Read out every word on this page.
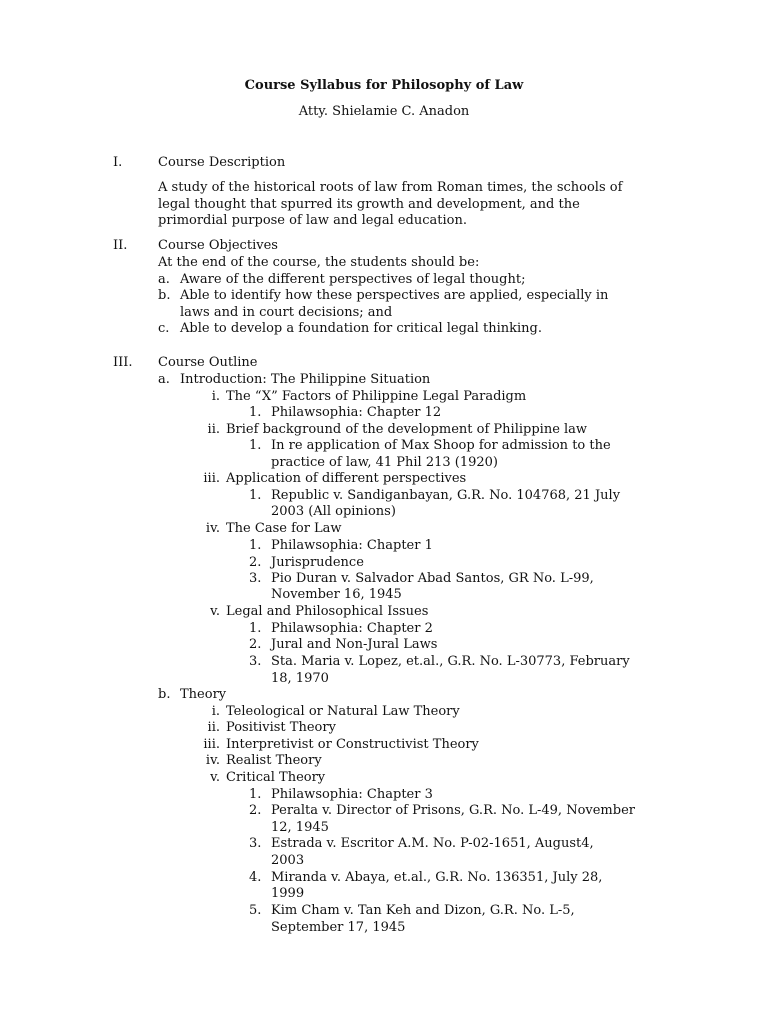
Course Syllabus for Philosophy of Law
Atty. Shielamie C. Anadon
I.	Course Description
A study of the historical roots of law from Roman times, the schools of
legal thought that spurred its growth and development, and the
primordial purpose of law and legal education.
II. Course Objectives
At the end of the course, the students should be:
a. Aware of the different perspectives of legal thought;
b. Able to identify how these perspectives are applied, especially in
laws and in court decisions; and
c. Able to develop a foundation for critical legal thinking.
III. Course Outline
a. Introduction: The Philippine Situation
i. The “X” Factors of Philippine Legal Paradigm
1. Philawsophia: Chapter 12
ii. Brief background of the development of Philippine law
1. In re application of Max Shoop for admission to the
practice of law, 41 Phil 213 (1920)
iii. Application of different perspectives
1. Republic v. Sandiganbayan, G.R. No. 104768, 21 July
2003 (All opinions)
iv. The Case for Law
1. Philawsophia: Chapter 1
2. Jurisprudence
3. Pio Duran v. Salvador Abad Santos, GR No. L-99,
November 16, 1945
v. Legal and Philosophical Issues
1. Philawsophia: Chapter 2
2. Jural and Non-Jural Laws
3. Sta. Maria v. Lopez, et.al., G.R. No. L-30773, February
18, 1970
b. Theory
i. Teleological or Natural Law Theory
ii. Positivist Theory
iii. Interpretivist or Constructivist Theory
iv. Realist Theory
v. Critical Theory
1. Philawsophia: Chapter 3
2. Peralta v. Director of Prisons, G.R. No. L-49, November
12, 1945
3. Estrada v. Escritor A.M. No. P-02-1651, August4,
2003
4. Miranda v. Abaya, et.al., G.R. No. 136351, July 28,
1999
5. Kim Cham v. Tan Keh and Dizon, G.R. No. L-5,
September 17, 1945
